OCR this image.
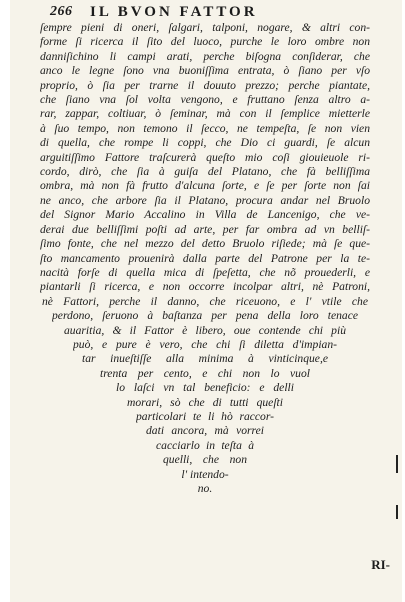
266 IL BVON FATTOR
ſempre pieni di oneri, ſalgari, talponi, nogare, & altri con-
forme ſi ricerca il ſito del luoco, purche le loro ombre non
danniſichino li campi arati, perche biſogna conſiderar, che
anco le legne ſono vna buoniſſima entrata, ò ſiano per vſo
proprio, ò ſia per trarne il douuto prezzo; perche piantate,
che ſiano vna ſol volta vengono, e fruttano ſenza altro a-
rar, zappar, coltiuar, ò ſeminar, mà con il ſemplice mietterle
à ſuo tempo, non temono il ſecco, ne tempeſta, ſe non vien
di quella, che rompe li coppi, che Dio ci guardi, ſe alcun
arguitiſſimo Fattore traſcurerà queſto mio coſi giouieuole ri-
cordo, dirò, che ſia à guiſa del Platano, che fà belliſſima
ombra, mà non fà frutto d'alcuna ſorte, e ſe per ſorte non ſai
ne anco, che arbore ſia il Platano, procura andar nel Bruolo
del Signor Mario Accalino in Villa de Lancenigo, che ve-
derai due belliſſimi poſti ad arte, per far ombra ad vn belliſ-
ſimo fonte, che nel mezzo del detto Bruolo riſiede; mà ſe que-
ſto mancamento prouenirà dalla parte del Patrone per la te-
nacità forſe di quella mica di ſpeſetta, che nõ prouederli, e
piantarli ſi ricerca, e non occorre incolpar altri, nè Patroni,
nè Fattori, perche il danno, che riceuono, e l' vtile che
perdono, ſeruono à baſtanza per pena della loro tenace
auaritia, & il Fattor è libero, oue contende chi più
può, e pure è vero, che chi ſi diletta d'impian-
tar inueſtiſſe alla minima à vinticinque,e
trenta per cento, e chi non lo vuol
lo laſci vn tal beneficio: e delli
morari, sò che di tutti queſti
particolari te li hò raccor-
dati ancora, mà vorrei
cacciarlo in teſta à
quelli, che non
l' intendo-
no.
RI-
